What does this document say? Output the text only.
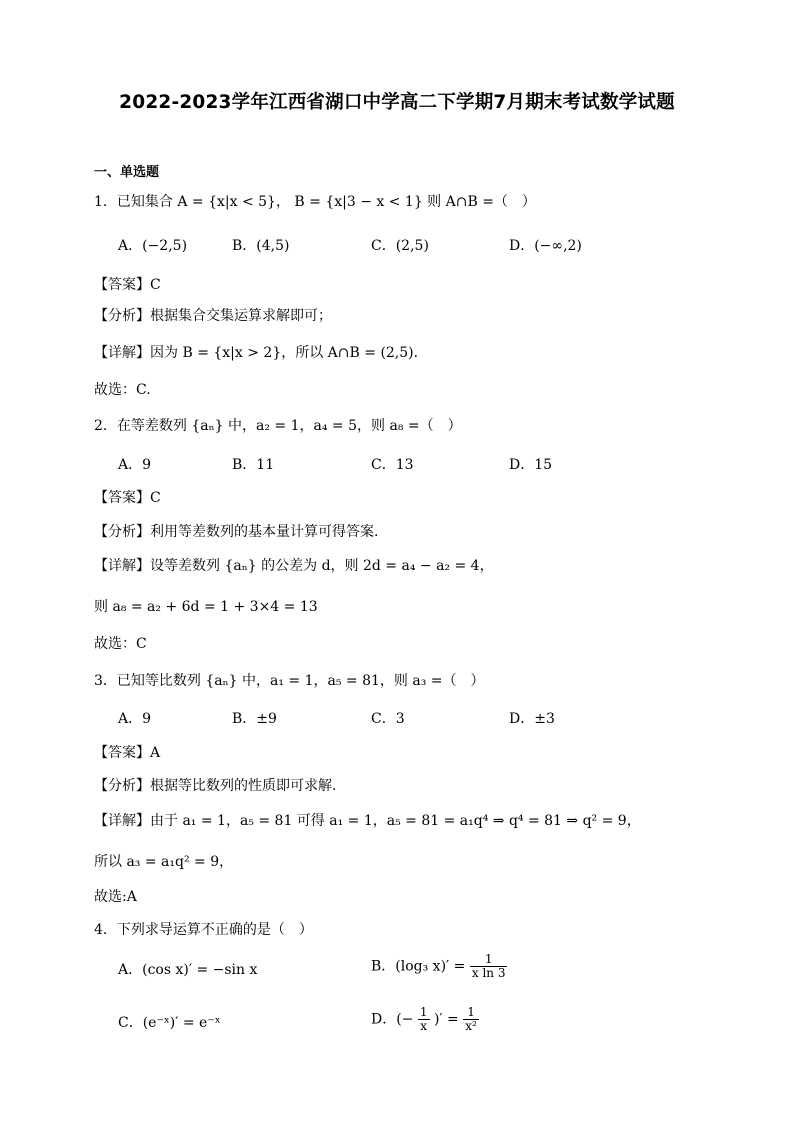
2022-2023学年江西省湖口中学高二下学期7月期末考试数学试题
一、单选题
1．已知集合 A = {x|x < 5}， B = {x|3 − x < 1} 则 A∩B =（　）
A．(−2,5)	B．(4,5)	C．(2,5)	D．(−∞,2)
【答案】C
【分析】根据集合交集运算求解即可；
【详解】因为 B = {x|x > 2}，所以 A∩B = (2,5)．
故选：C.
2．在等差数列 {aₙ} 中，a₂ = 1，a₄ = 5，则 a₈ =（　）
A．9	B．11	C．13	D．15
【答案】C
【分析】利用等差数列的基本量计算可得答案.
【详解】设等差数列 {aₙ} 的公差为 d，则 2d = a₄ − a₂ = 4，
则 a₈ = a₂ + 6d = 1 + 3×4 = 13
故选：C
3．已知等比数列 {aₙ} 中，a₁ = 1，a₅ = 81，则 a₃ =（　）
A．9	B．±9	C．3	D．±3
【答案】A
【分析】根据等比数列的性质即可求解.
【详解】由于 a₁ = 1，a₅ = 81 可得 a₁ = 1，a₅ = 81 = a₁q⁴ ⇒ q⁴ = 81 ⇒ q² = 9，
所以 a₃ = a₁q² = 9，
故选:A
4．下列求导运算不正确的是（　）
A．(cos x)′ = −sin x	B．(log₃ $x)' = \frac{1}{\text{x ln 3}}$
C．(e⁻ˣ)′ = e⁻ˣ	D．(− $\frac{1}{x}$ )′ = $\frac{1}{\text{x²}}$
